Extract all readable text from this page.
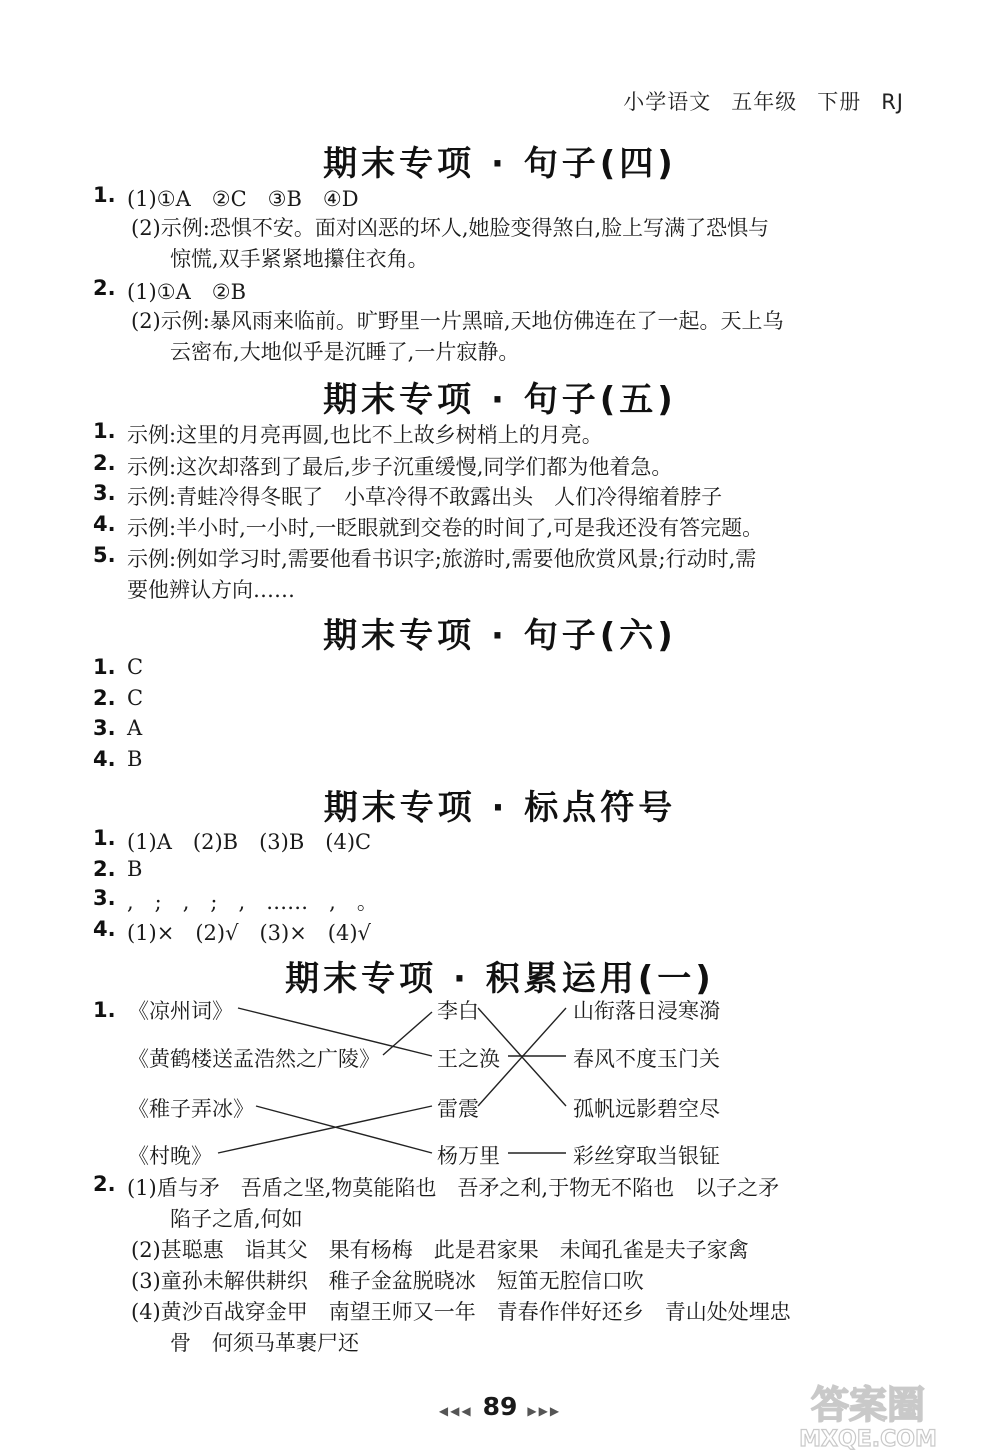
小学语文 五年级 下册 RJ
期末专项 · 句子(四)
1. (1)①A　②C　③B　④D
(2)示例:恐惧不安。面对凶恶的坏人,她脸变得煞白,脸上写满了恐惧与
惊慌,双手紧紧地攥住衣角。
2. (1)①A　②B
(2)示例:暴风雨来临前。旷野里一片黑暗,天地仿佛连在了一起。天上乌
云密布,大地似乎是沉睡了,一片寂静。
期末专项 · 句子(五)
1. 示例:这里的月亮再圆,也比不上故乡树梢上的月亮。
2. 示例:这次却落到了最后,步子沉重缓慢,同学们都为他着急。
3. 示例:青蛙冷得冬眠了　小草冷得不敢露出头　人们冷得缩着脖子
4. 示例:半小时,一小时,一眨眼就到交卷的时间了,可是我还没有答完题。
5. 示例:例如学习时,需要他看书识字;旅游时,需要他欣赏风景;行动时,需
要他辨认方向……
期末专项 · 句子(六)
1. C
2. C
3. A
4. B
期末专项 · 标点符号
1. (1)A　(2)B　(3)B　(4)C
2. B
3. ,　;　,　;　,　……　,　。
4. (1)×　(2)√　(3)×　(4)√
期末专项 · 积累运用(一)
1. 《凉州词》
《黄鹤楼送孟浩然之广陵》
《稚子弄冰》
《村晚》
李白
王之涣
雷震
杨万里
山衔落日浸寒漪
春风不度玉门关
孤帆远影碧空尽
彩丝穿取当银钲
2. (1)盾与矛　吾盾之坚,物莫能陷也　吾矛之利,于物无不陷也　以子之矛
陷子之盾,何如
(2)甚聪惠　诣其父　果有杨梅　此是君家果　未闻孔雀是夫子家禽
(3)童孙未解供耕织　稚子金盆脱晓冰　短笛无腔信口吹
(4)黄沙百战穿金甲　南望王师又一年　青春作伴好还乡　青山处处埋忠
骨　何须马革裹尸还
◀◀◀ 89 ▶▶▶	答案圈
MXQE.COM
